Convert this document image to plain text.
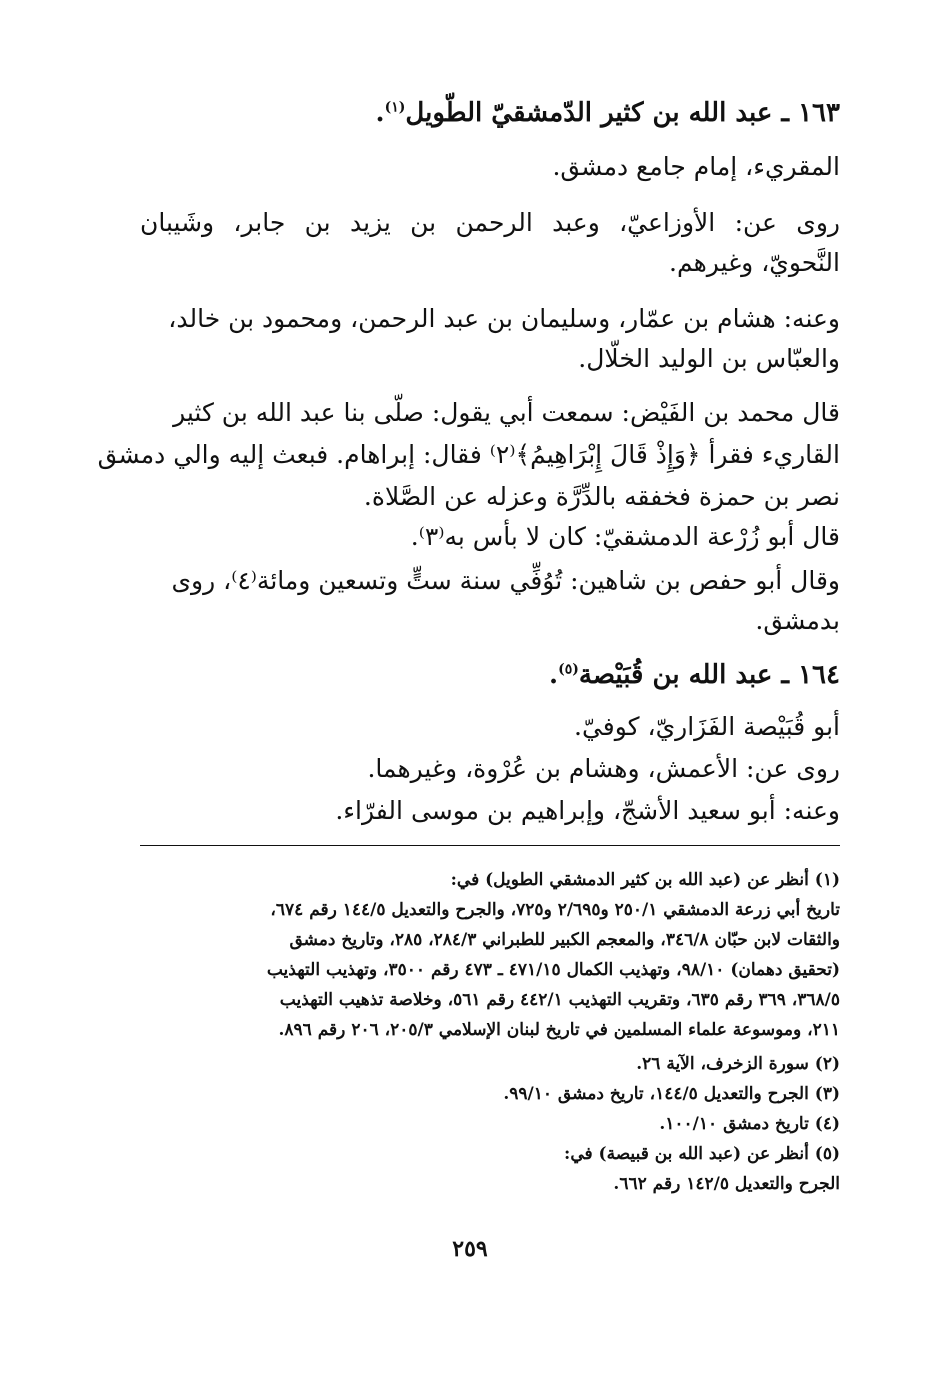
١٦٣ ـ عبد الله بن كثير الدّمشقيّ الطّويل$^{(١)}$.
المقريء، إمام جامع دمشق.
روى عن: الأوزاعيّ، وعبد الرحمن بن يزيد بن جابر، وشَيبان
النَّحويّ، وغيرهم.
وعنه: هشام بن عمّار، وسليمان بن عبد الرحمن، ومحمود بن خالد،
والعبّاس بن الوليد الخلّال.
قال محمد بن الفَيْض: سمعت أبي يقول: صلّى بنا عبد الله بن كثير
القاريء فقرأ ﴿وَإِذْ قَالَ إِبْرَاهِيمُ﴾⁽٢⁾ فقال: إبراهام. فبعث إليه والي دمشق
نصر بن حمزة فخفقه بالدِّرَّة وعزله عن الصَّلاة.
قال أبو زُرْعة الدمشقيّ: كان لا بأس به⁽٣⁾.
وقال أبو حفص بن شاهين: تُوُفِّي سنة ستٍّ وتسعين ومائة⁽٤⁾، روى
بدمشق.
١٦٤ ـ عبد الله بن قُبَيْصة$^{(٥)}$.
أبو قُبَيْصة الفَزَاريّ، كوفيّ.
روى عن: الأعمش، وهشام بن عُرْوة، وغيرهما.
وعنه: أبو سعيد الأشجّ، وإبراهيم بن موسى الفرّاء.
(١) أنظر عن (عبد الله بن كثير الدمشقي الطويل) في:
تاريخ أبي زرعة الدمشقي ٢٥٠/١ و٢/٦٩٥ و٧٢٥، والجرح والتعديل ١٤٤/٥ رقم ٦٧٤،
والثقات لابن حبّان ٣٤٦/٨، والمعجم الكبير للطبراني ٢٨٤/٣، ٢٨٥، وتاريخ دمشق
(تحقيق دهمان) ٩٨/١٠، وتهذيب الكمال ٤٧١/١٥ ـ ٤٧٣ رقم ٣٥٠٠، وتهذيب التهذيب
٣٦٨/٥، ٣٦٩ رقم ٦٣٥، وتقريب التهذيب ٤٤٢/١ رقم ٥٦١، وخلاصة تذهيب التهذيب
٢١١، وموسوعة علماء المسلمين في تاريخ لبنان الإسلامي ٢٠٥/٣، ٢٠٦ رقم ٨٩٦.
(٢) سورة الزخرف، الآية ٢٦.
(٣) الجرح والتعديل ١٤٤/٥، تاريخ دمشق ٩٩/١٠.
(٤) تاريخ دمشق ١٠٠/١٠.
(٥) أنظر عن (عبد الله بن قبيصة) في:
الجرح والتعديل ١٤٢/٥ رقم ٦٦٢.
٢٥٩
